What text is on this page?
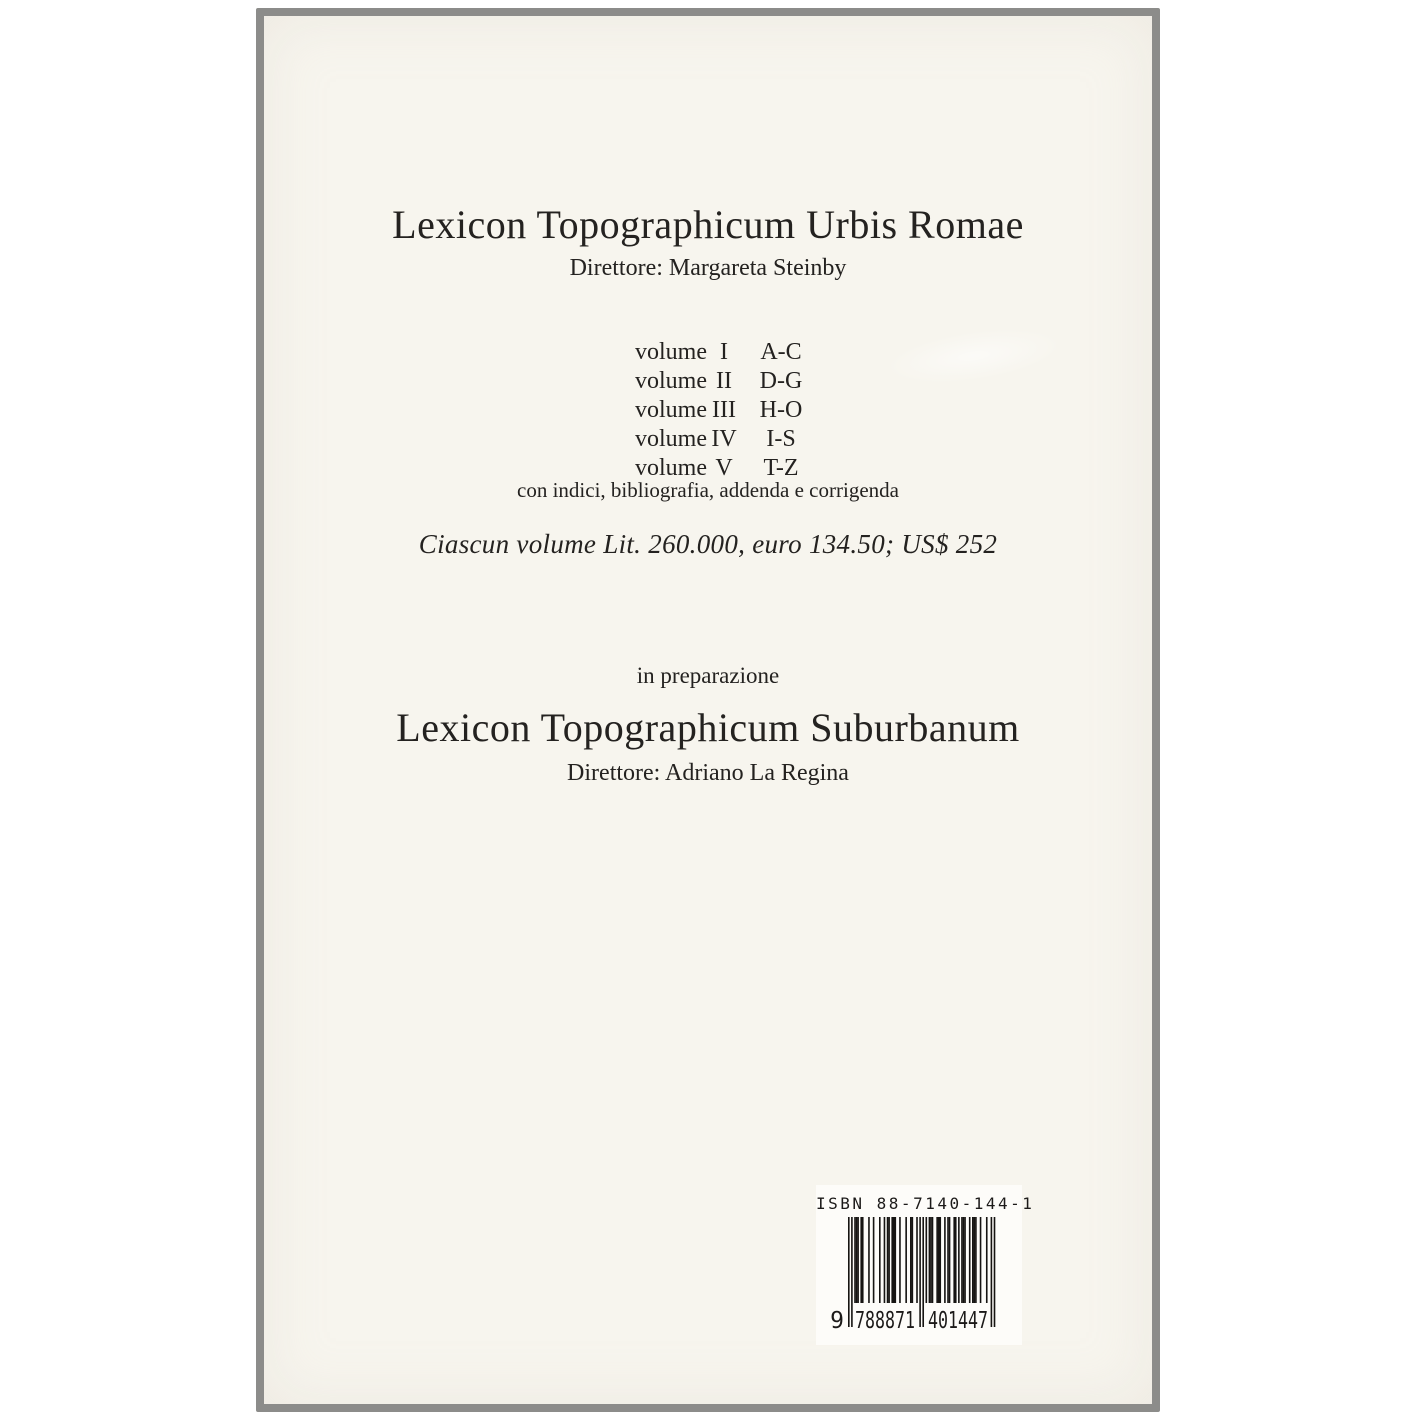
Lexicon Topographicum Urbis Romae
Direttore: Margareta Steinby
volume I	A-C
volume II	D-G
volume III H-O
volume IV	I-S
volume V	T-Z
con indici, bibliografia, addenda e corrigenda
Ciascun volume Lit. 260.000, euro 134.50; US$ 252
in preparazione
Lexicon Topographicum Suburbanum
Direttore: Adriano La Regina
ISBN 88-7140-144-1
9 788871 401447
